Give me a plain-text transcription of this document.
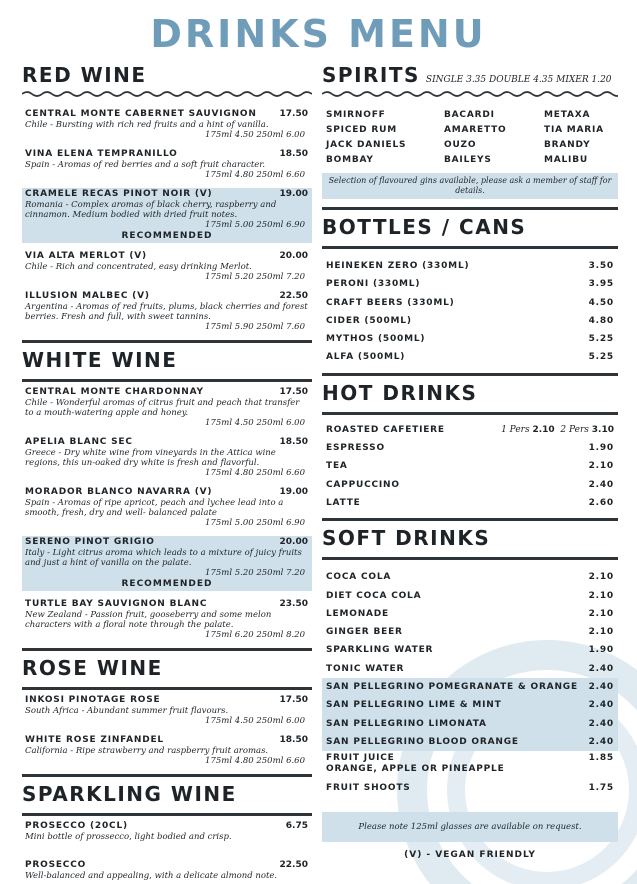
DRINKS MENU
RED WINE
CENTRAL MONTE CABERNET SAUVIGNON	17.50
Chile - Bursting with rich red fruits and a hint of vanilla.
175ml 4.50 250ml 6.00
VINA ELENA TEMPRANILLO	18.50
Spain - Aromas of red berries and a soft fruit character.
175ml 4.80 250ml 6.60
CRAMELE RECAS PINOT NOIR (V)	19.00
Romania - Complex aromas of black cherry, raspberry and cinnamon. Medium bodied with dried fruit notes.
175ml 5.00 250ml 6.90
RECOMMENDED
VIA ALTA MERLOT (V)	20.00
Chile - Rich and concentrated, easy drinking Merlot.
175ml 5.20 250ml 7.20
ILLUSION MALBEC (V)	22.50
Argentina - Aromas of red fruits, plums, black cherries and forest berries. Fresh and full, with sweet tannins.
175ml 5.90 250ml 7.60
WHITE WINE
CENTRAL MONTE CHARDONNAY	17.50
Chile - Wonderful aromas of citrus fruit and peach that transfer to a mouth-watering apple and honey.
175ml 4.50 250ml 6.00
APELIA BLANC SEC	18.50
Greece - Dry white wine from vineyards in the Attica wine regions, this un-oaked dry white is fresh and flavorful.
175ml 4.80 250ml 6.60
MORADOR BLANCO NAVARRA (V)	19.00
Spain - Aromas of ripe apricot, peach and lychee lead into a smooth, fresh, dry and well- balanced palate
175ml 5.00 250ml 6.90
SERENO PINOT GRIGIO	20.00
Italy - Light citrus aroma which leads to a mixture of juicy fruits and just a hint of vanilla on the palate.
175ml 5.20 250ml 7.20
RECOMMENDED
TURTLE BAY SAUVIGNON BLANC	23.50
New Zealand - Passion fruit, gooseberry and some melon characters with a floral note through the palate.
175ml 6.20 250ml 8.20
ROSE WINE
INKOSI PINOTAGE ROSE	17.50
South Africa - Abundant summer fruit flavours.
175ml 4.50 250ml 6.00
WHITE ROSE ZINFANDEL	18.50
California - Ripe strawberry and raspberry fruit aromas.
175ml 4.80 250ml 6.60
SPARKLING WINE
PROSECCO (20CL)	6.75
Mini bottle of prossecco, light bodied and crisp.
PROSECCO	22.50
Well-balanced and appealing, with a delicate almond note.
SPIRITS SINGLE 3.35 DOUBLE 4.35 MIXER 1.20
SMIRNOFF	BACARDI	METAXA
SPICED RUM	AMARETTO	TIA MARIA
JACK DANIELS	OUZO	BRANDY
BOMBAY	BAILEYS	MALIBU
Selection of flavoured gins available, please ask a member of staff for details.
BOTTLES / CANS
HEINEKEN ZERO (330ML)	3.50
PERONI (330ML)	3.95
CRAFT BEERS (330ML)	4.50
CIDER (500ML)	4.80
MYTHOS (500ML)	5.25
ALFA (500ML)	5.25
HOT DRINKS
ROASTED CAFETIERE	1 Pers 2.10 2 Pers 3.10
ESPRESSO	1.90
TEA	2.10
CAPPUCCINO	2.40
LATTE	2.60
SOFT DRINKS
COCA COLA	2.10
DIET COCA COLA	2.10
LEMONADE	2.10
GINGER BEER	2.10
SPARKLING WATER	1.90
TONIC WATER	2.40
SAN PELLEGRINO POMEGRANATE & ORANGE 2.40
SAN PELLEGRINO LIME & MINT	2.40
SAN PELLEGRINO LIMONATA	2.40
SAN PELLEGRINO BLOOD ORANGE	2.40
FRUIT JUICE
ORANGE, APPLE OR PINEAPPLE
1.85
FRUIT SHOOTS	1.75
Please note 125ml glasses are available on request.
(V) - VEGAN FRIENDLY
